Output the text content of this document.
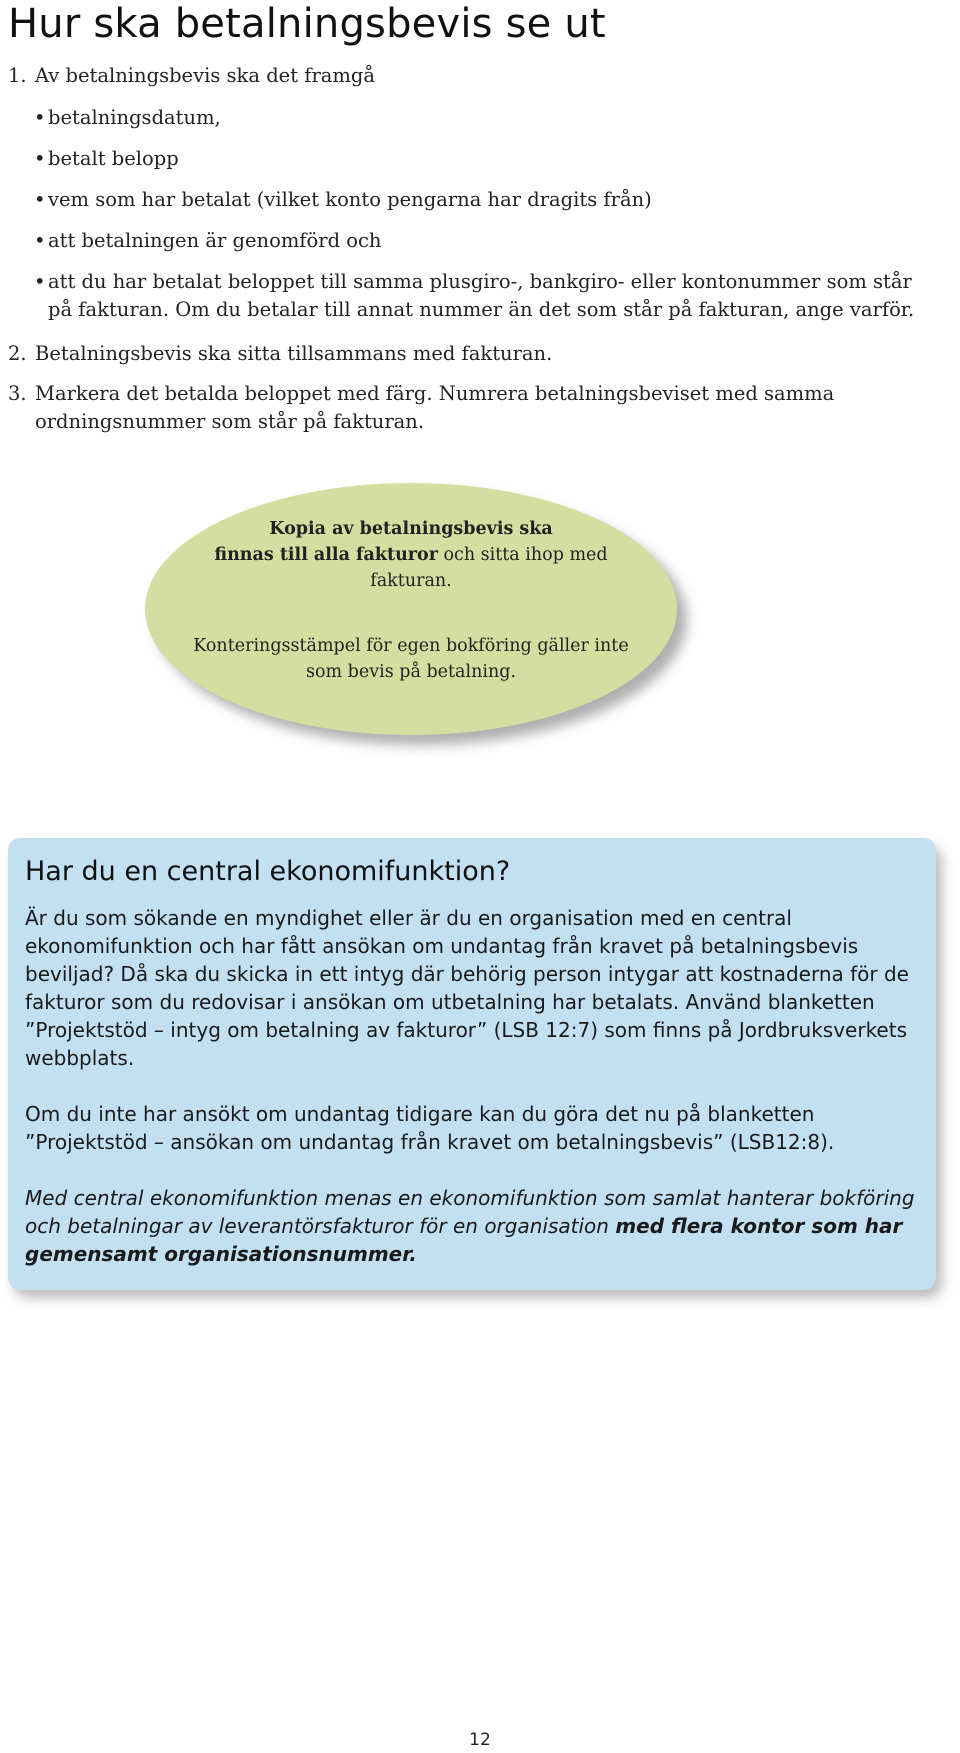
Hur ska betalningsbevis se ut
1. Av betalningsbevis ska det framgå
• betalningsdatum,
• betalt belopp
• vem som har betalat (vilket konto pengarna har dragits från)
• att betalningen är genomförd och
• att du har betalat beloppet till samma plusgiro-, bankgiro- eller kontonummer som står
på fakturan. Om du betalar till annat nummer än det som står på fakturan, ange varför.
2. Betalningsbevis ska sitta tillsammans med fakturan.
3. Markera det betalda beloppet med färg. Numrera betalningsbeviset med samma
ordningsnummer som står på fakturan.
Kopia av betalningsbevis ska
finnas till alla fakturor och sitta ihop med
fakturan.
Konteringsstämpel för egen bokföring gäller inte
som bevis på betalning.
Har du en central ekonomifunktion?
Är du som sökande en myndighet eller är du en organisation med en central
ekonomifunktion och har fått ansökan om undantag från kravet på betalningsbevis
beviljad? Då ska du skicka in ett intyg där behörig person intygar att kostnaderna för de
fakturor som du redovisar i ansökan om utbetalning har betalats. Använd blanketten
”Projektstöd – intyg om betalning av fakturor” (LSB 12:7) som finns på Jordbruksverkets
webbplats.
Om du inte har ansökt om undantag tidigare kan du göra det nu på blanketten
”Projektstöd – ansökan om undantag från kravet om betalningsbevis” (LSB12:8).
Med central ekonomifunktion menas en ekonomifunktion som samlat hanterar bokföring
och betalningar av leverantörsfakturor för en organisation med flera kontor som har
gemensamt organisationsnummer.
12
